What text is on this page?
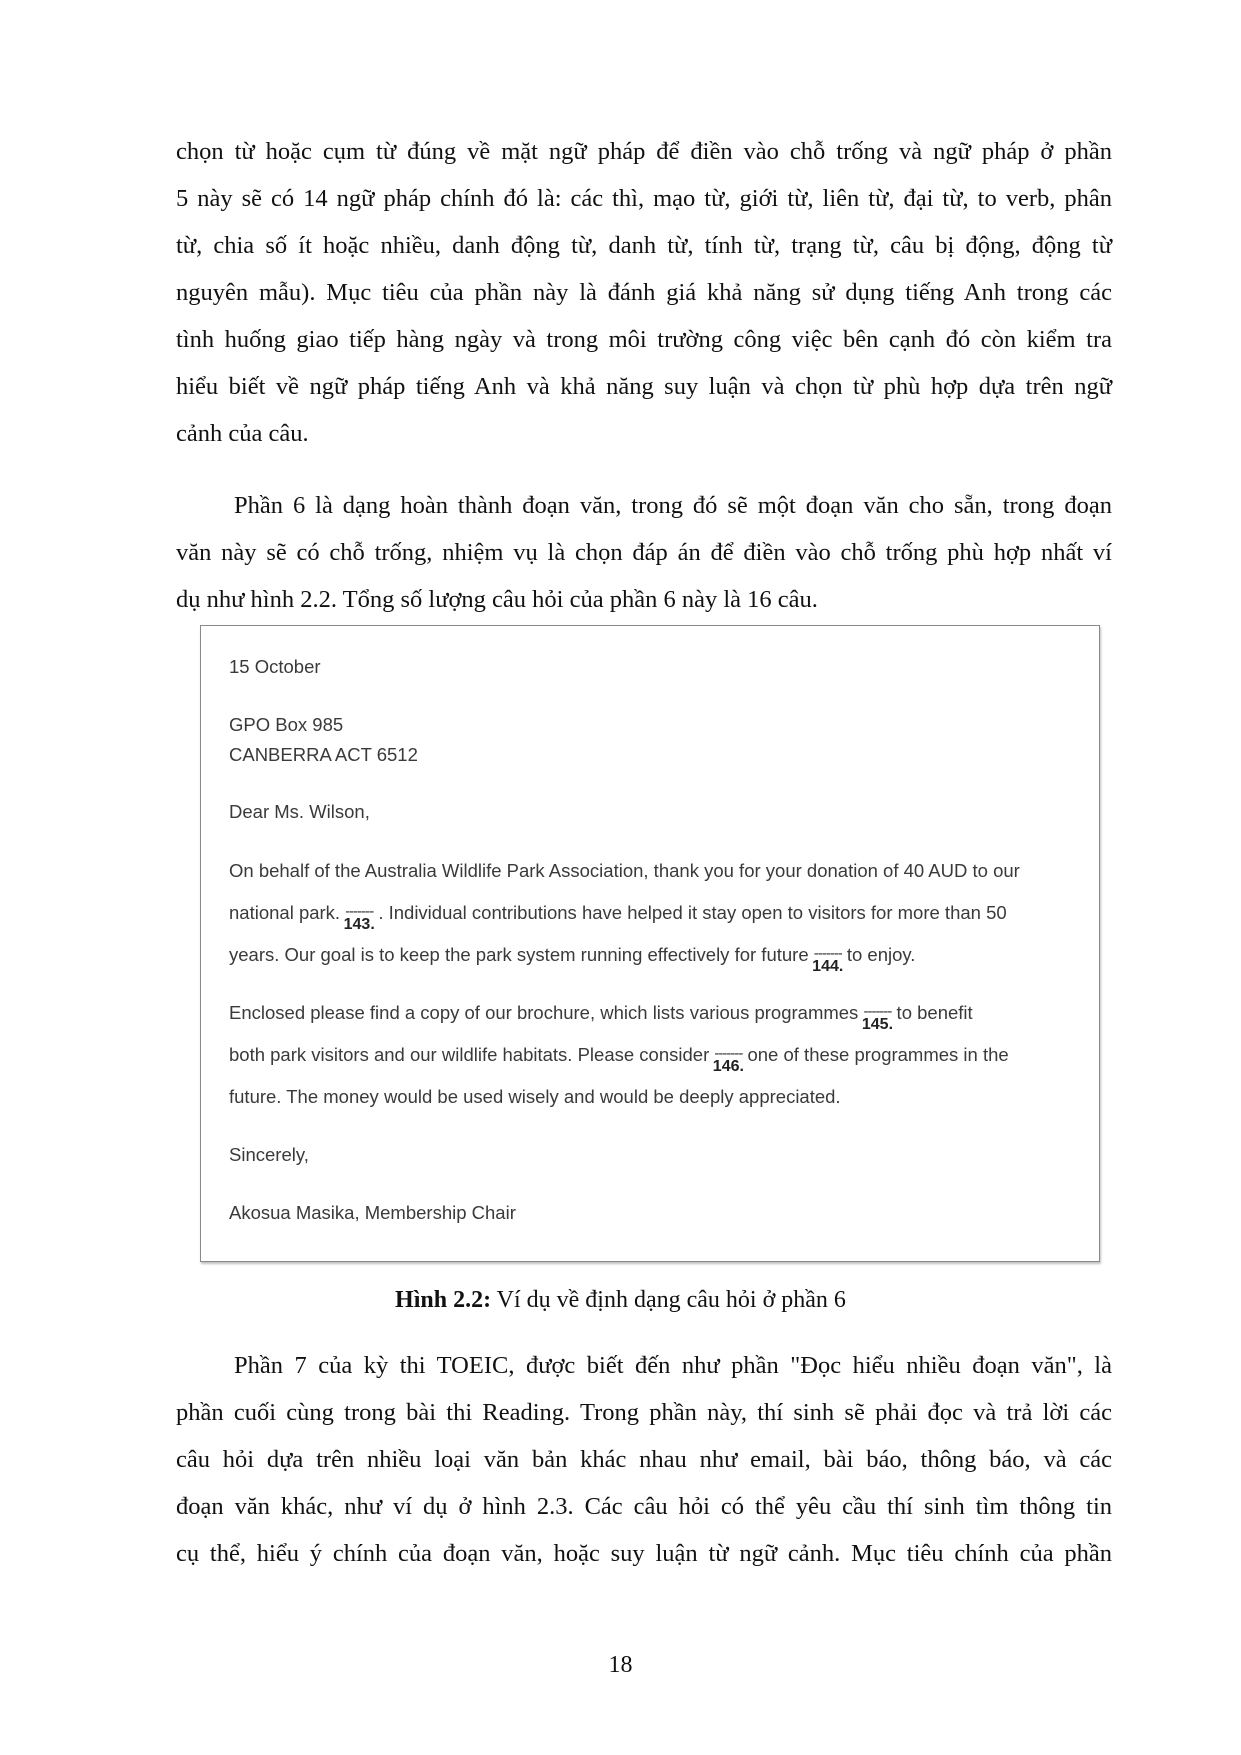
chọn từ hoặc cụm từ đúng về mặt ngữ pháp để điền vào chỗ trống và ngữ pháp ở phần
5 này sẽ có 14 ngữ pháp chính đó là: các thì, mạo từ, giới từ, liên từ, đại từ, to verb, phân
từ, chia số ít hoặc nhiều, danh động từ, danh từ, tính từ, trạng từ, câu bị động, động từ
nguyên mẫu). Mục tiêu của phần này là đánh giá khả năng sử dụng tiếng Anh trong các
tình huống giao tiếp hàng ngày và trong môi trường công việc bên cạnh đó còn kiểm tra
hiểu biết về ngữ pháp tiếng Anh và khả năng suy luận và chọn từ phù hợp dựa trên ngữ
cảnh của câu.
Phần 6 là dạng hoàn thành đoạn văn, trong đó sẽ một đoạn văn cho sẵn, trong đoạn
văn này sẽ có chỗ trống, nhiệm vụ là chọn đáp án để điền vào chỗ trống phù hợp nhất ví
dụ như hình 2.2. Tổng số lượng câu hỏi của phần 6 này là 16 câu.
15 October
GPO Box 985
CANBERRA ACT 6512
Dear Ms. Wilson,
On behalf of the Australia Wildlife Park Association, thank you for your donation of 40 AUD to our
national park. -------
143.
. Individual contributions have helped it stay open to visitors for more than 50
years. Our goal is to keep the park system running effectively for future -------
144.
to enjoy.
Enclosed please find a copy of our brochure, which lists various programmes -------
145.
to benefit
both park visitors and our wildlife habitats. Please consider -------
146.
one of these programmes in the
future. The money would be used wisely and would be deeply appreciated.
Sincerely,
Akosua Masika, Membership Chair
Hình 2.2: Ví dụ về định dạng câu hỏi ở phần 6
Phần 7 của kỳ thi TOEIC, được biết đến như phần "Đọc hiểu nhiều đoạn văn", là
phần cuối cùng trong bài thi Reading. Trong phần này, thí sinh sẽ phải đọc và trả lời các
câu hỏi dựa trên nhiều loại văn bản khác nhau như email, bài báo, thông báo, và các
đoạn văn khác, như ví dụ ở hình 2.3. Các câu hỏi có thể yêu cầu thí sinh tìm thông tin
cụ thể, hiểu ý chính của đoạn văn, hoặc suy luận từ ngữ cảnh. Mục tiêu chính của phần
18
